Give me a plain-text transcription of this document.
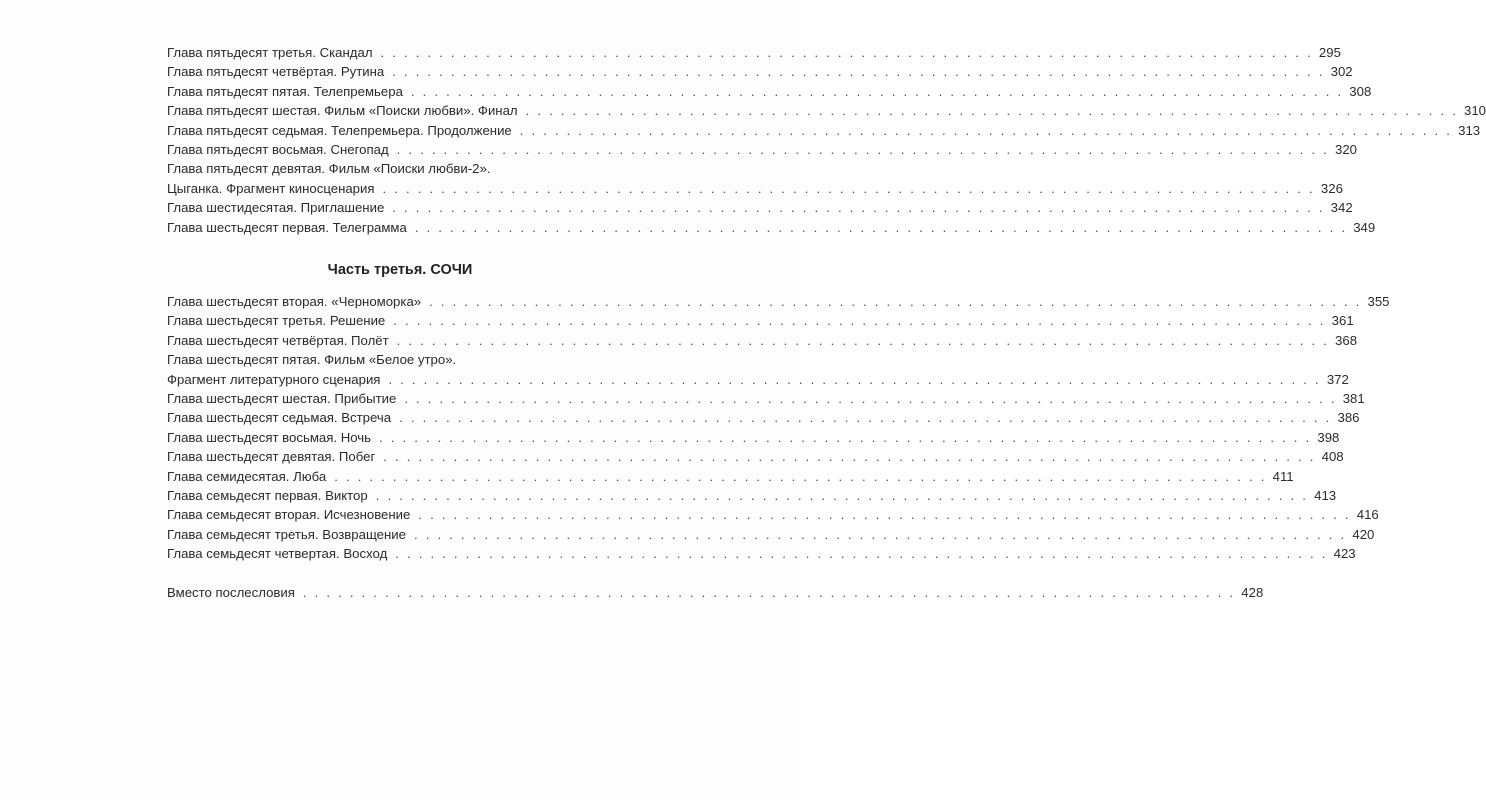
Глава пятьдесят третья. Скандал . . . . . . . . . . . . . . . . . . . . . . . . . . . . . . . . . . . . . . . . . . . . . . . . . . . . . . . . . . . . . . . . . . . . . . . . . . . . . . . . 295
Глава пятьдесят четвёртая. Рутина . . . . . . . . . . . . . . . . . . . . . . . . . . . . . . . . . . . . . . . . . . . . . . . . . . . . . . . . . . . . . . . . . . . . . . . . . . . . . . . . 302
Глава пятьдесят пятая. Телепремьера . . . . . . . . . . . . . . . . . . . . . . . . . . . . . . . . . . . . . . . . . . . . . . . . . . . . . . . . . . . . . . . . . . . . . . . . . . . . . . . . 308
Глава пятьдесят шестая. Фильм «Поиски любви». Финал . . . . . . . . . . . . . . . . . . . . . . . . . . . . . . . . . . . . . . . . . . . . . . . . . . . . . . . . . . . . . . . . . . . . . . . . . . . . . . . . 310
Глава пятьдесят седьмая. Телепремьера. Продолжение . . . . . . . . . . . . . . . . . . . . . . . . . . . . . . . . . . . . . . . . . . . . . . . . . . . . . . . . . . . . . . . . . . . . . . . . . . . . . . . . 313
Глава пятьдесят восьмая. Снегопад . . . . . . . . . . . . . . . . . . . . . . . . . . . . . . . . . . . . . . . . . . . . . . . . . . . . . . . . . . . . . . . . . . . . . . . . . . . . . . . . 320
Глава пятьдесят девятая. Фильм «Поиски любви-2».
Цыганка. Фрагмент киносценария . . . . . . . . . . . . . . . . . . . . . . . . . . . . . . . . . . . . . . . . . . . . . . . . . . . . . . . . . . . . . . . . . . . . . . . . . . . . . . . . 326
Глава шестидесятая. Приглашение . . . . . . . . . . . . . . . . . . . . . . . . . . . . . . . . . . . . . . . . . . . . . . . . . . . . . . . . . . . . . . . . . . . . . . . . . . . . . . . . 342
Глава шестьдесят первая. Телеграмма . . . . . . . . . . . . . . . . . . . . . . . . . . . . . . . . . . . . . . . . . . . . . . . . . . . . . . . . . . . . . . . . . . . . . . . . . . . . . . . . 349
Часть третья. СОЧИ
Глава шестьдесят вторая. «Черноморка» . . . . . . . . . . . . . . . . . . . . . . . . . . . . . . . . . . . . . . . . . . . . . . . . . . . . . . . . . . . . . . . . . . . . . . . . . . . . . . . . 355
Глава шестьдесят третья. Решение . . . . . . . . . . . . . . . . . . . . . . . . . . . . . . . . . . . . . . . . . . . . . . . . . . . . . . . . . . . . . . . . . . . . . . . . . . . . . . . . 361
Глава шестьдесят четвёртая. Полёт . . . . . . . . . . . . . . . . . . . . . . . . . . . . . . . . . . . . . . . . . . . . . . . . . . . . . . . . . . . . . . . . . . . . . . . . . . . . . . . . 368
Глава шестьдесят пятая. Фильм «Белое утро».
Фрагмент литературного сценария . . . . . . . . . . . . . . . . . . . . . . . . . . . . . . . . . . . . . . . . . . . . . . . . . . . . . . . . . . . . . . . . . . . . . . . . . . . . . . . . 372
Глава шестьдесят шестая. Прибытие . . . . . . . . . . . . . . . . . . . . . . . . . . . . . . . . . . . . . . . . . . . . . . . . . . . . . . . . . . . . . . . . . . . . . . . . . . . . . . . . 381
Глава шестьдесят седьмая. Встреча . . . . . . . . . . . . . . . . . . . . . . . . . . . . . . . . . . . . . . . . . . . . . . . . . . . . . . . . . . . . . . . . . . . . . . . . . . . . . . . . 386
Глава шестьдесят восьмая. Ночь . . . . . . . . . . . . . . . . . . . . . . . . . . . . . . . . . . . . . . . . . . . . . . . . . . . . . . . . . . . . . . . . . . . . . . . . . . . . . . . . 398
Глава шестьдесят девятая. Побег . . . . . . . . . . . . . . . . . . . . . . . . . . . . . . . . . . . . . . . . . . . . . . . . . . . . . . . . . . . . . . . . . . . . . . . . . . . . . . . . 408
Глава семидесятая. Люба . . . . . . . . . . . . . . . . . . . . . . . . . . . . . . . . . . . . . . . . . . . . . . . . . . . . . . . . . . . . . . . . . . . . . . . . . . . . . . . . 411
Глава семьдесят первая. Виктор . . . . . . . . . . . . . . . . . . . . . . . . . . . . . . . . . . . . . . . . . . . . . . . . . . . . . . . . . . . . . . . . . . . . . . . . . . . . . . . . 413
Глава семьдесят вторая. Исчезновение . . . . . . . . . . . . . . . . . . . . . . . . . . . . . . . . . . . . . . . . . . . . . . . . . . . . . . . . . . . . . . . . . . . . . . . . . . . . . . . . 416
Глава семьдесят третья. Возвращение . . . . . . . . . . . . . . . . . . . . . . . . . . . . . . . . . . . . . . . . . . . . . . . . . . . . . . . . . . . . . . . . . . . . . . . . . . . . . . . . 420
Глава семьдесят четвертая. Восход . . . . . . . . . . . . . . . . . . . . . . . . . . . . . . . . . . . . . . . . . . . . . . . . . . . . . . . . . . . . . . . . . . . . . . . . . . . . . . . . 423
Вместо послесловия . . . . . . . . . . . . . . . . . . . . . . . . . . . . . . . . . . . . . . . . . . . . . . . . . . . . . . . . . . . . . . . . . . . . . . . . . . . . . . . . 428
